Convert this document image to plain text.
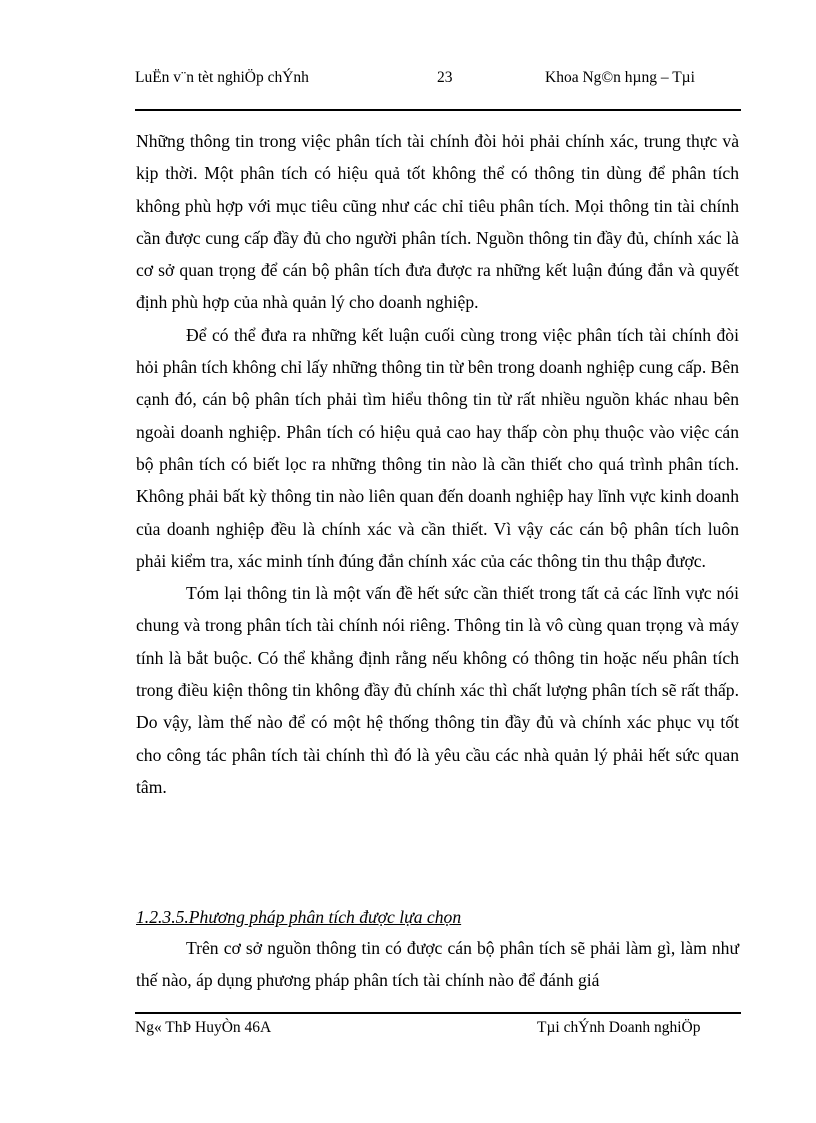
LuËn v¨n tèt nghiÖp chÝnh	23	Khoa Ng©n hµng – Tµi

Những thông tin trong việc phân tích tài chính đòi hỏi phải chính xác, trung thực và kịp thời. Một phân tích có hiệu quả tốt không thể có thông tin dùng để phân tích không phù hợp với mục tiêu cũng như các chỉ tiêu phân tích. Mọi thông tin tài chính cần được cung cấp đầy đủ cho người phân tích. Nguồn thông tin đầy đủ, chính xác là cơ sở quan trọng để cán bộ phân tích đưa được ra những kết luận đúng đắn và quyết định phù hợp của nhà quản lý cho doanh nghiệp.

Để có thể đưa ra những kết luận cuối cùng trong việc phân tích tài chính đòi hỏi phân tích không chỉ lấy những thông tin từ bên trong doanh nghiệp cung cấp. Bên cạnh đó, cán bộ phân tích phải tìm hiểu thông tin từ rất nhiều nguồn khác nhau bên ngoài doanh nghiệp. Phân tích có hiệu quả cao hay thấp còn phụ thuộc vào việc cán bộ phân tích có biết lọc ra những thông tin nào là cần thiết cho quá trình phân tích. Không phải bất kỳ thông tin nào liên quan đến doanh nghiệp hay lĩnh vực kinh doanh của doanh nghiệp đều là chính xác và cần thiết. Vì vậy các cán bộ phân tích luôn phải kiểm tra, xác minh tính đúng đắn chính xác của các thông tin thu thập được.

Tóm lại thông tin là một vấn đề hết sức cần thiết trong tất cả các lĩnh vực nói chung và trong phân tích tài chính nói riêng. Thông tin là vô cùng quan trọng và máy tính là bắt buộc. Có thể khẳng định rằng nếu không có thông tin hoặc nếu phân tích trong điều kiện thông tin không đầy đủ chính xác thì chất lượng phân tích sẽ rất thấp. Do vậy, làm thế nào để có một hệ thống thông tin đầy đủ và chính xác phục vụ tốt cho công tác phân tích tài chính thì đó là yêu cầu các nhà quản lý phải hết sức quan tâm.

1.2.3.5.Phương pháp phân tích được lựa chọn

Trên cơ sở nguồn thông tin có được cán bộ phân tích sẽ phải làm gì, làm như thế nào, áp dụng phương pháp phân tích tài chính nào để đánh giá

Ng« ThÞ HuyÒn 46A	Tµi chÝnh Doanh nghiÖp
